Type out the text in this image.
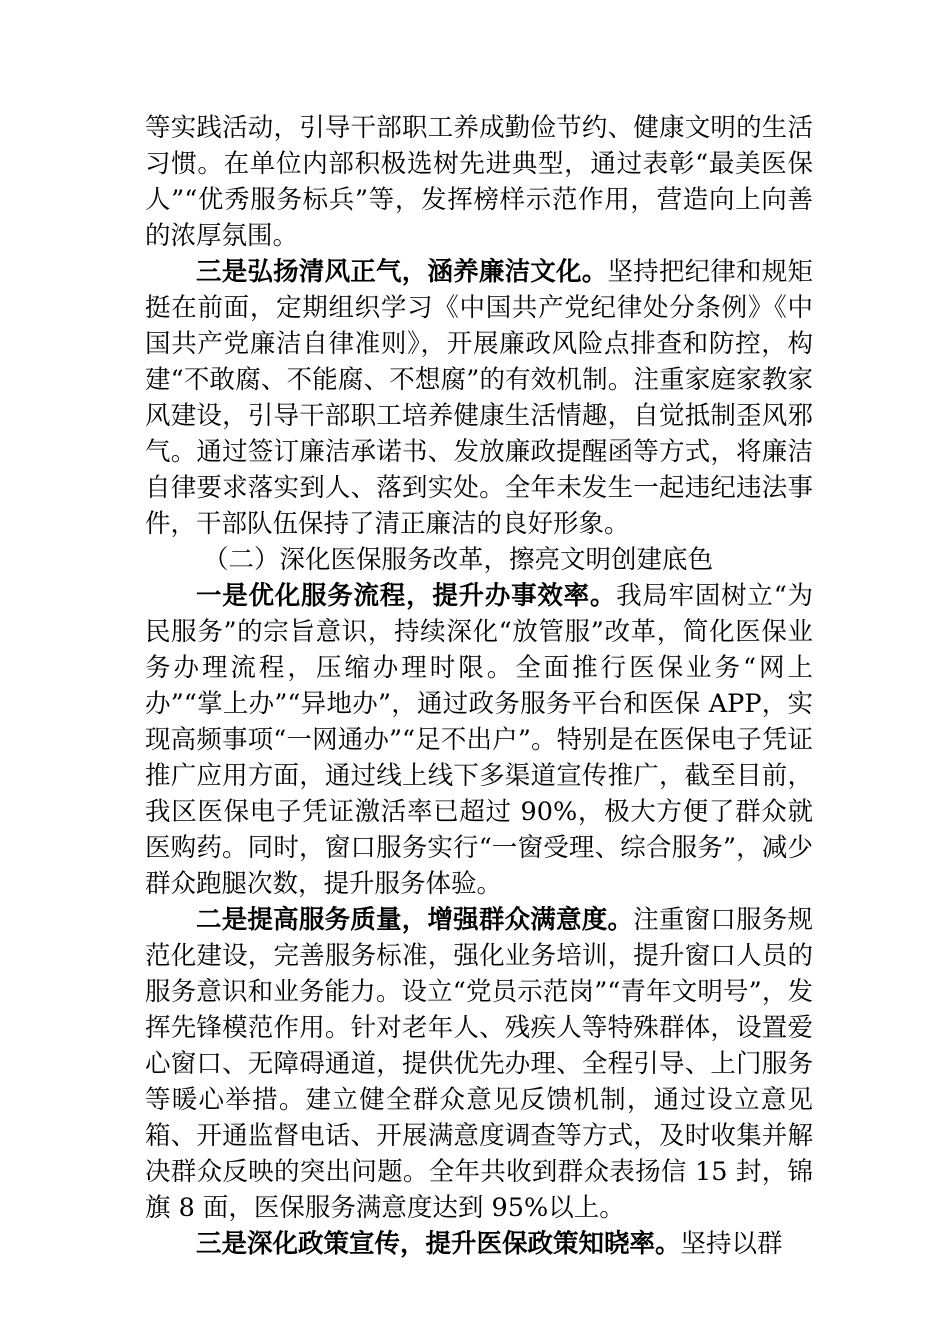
等实践活动，引导干部职工养成勤俭节约、健康文明的生活习惯。在单位内部积极选树先进典型，通过表彰“最美医保人”“优秀服务标兵”等，发挥榜样示范作用，营造向上向善的浓厚氛围。

三是弘扬清风正气，涵养廉洁文化。坚持把纪律和规矩挺在前面，定期组织学习《中国共产党纪律处分条例》《中国共产党廉洁自律准则》，开展廉政风险点排查和防控，构建“不敢腐、不能腐、不想腐”的有效机制。注重家庭家教家风建设，引导干部职工培养健康生活情趣，自觉抵制歪风邪气。通过签订廉洁承诺书、发放廉政提醒函等方式，将廉洁自律要求落实到人、落到实处。全年未发生一起违纪违法事件，干部队伍保持了清正廉洁的良好形象。

（二）深化医保服务改革，擦亮文明创建底色

一是优化服务流程，提升办事效率。我局牢固树立“为民服务”的宗旨意识，持续深化“放管服”改革，简化医保业务办理流程，压缩办理时限。全面推行医保业务“网上办”“掌上办”“异地办”，通过政务服务平台和医保 APP，实现高频事项“一网通办”“足不出户”。特别是在医保电子凭证推广应用方面，通过线上线下多渠道宣传推广，截至目前，我区医保电子凭证激活率已超过 90%，极大方便了群众就医购药。同时，窗口服务实行“一窗受理、综合服务”，减少群众跑腿次数，提升服务体验。

二是提高服务质量，增强群众满意度。注重窗口服务规范化建设，完善服务标准，强化业务培训，提升窗口人员的服务意识和业务能力。设立“党员示范岗”“青年文明号”，发挥先锋模范作用。针对老年人、残疾人等特殊群体，设置爱心窗口、无障碍通道，提供优先办理、全程引导、上门服务等暖心举措。建立健全群众意见反馈机制，通过设立意见箱、开通监督电话、开展满意度调查等方式，及时收集并解决群众反映的突出问题。全年共收到群众表扬信 15 封，锦旗 8 面，医保服务满意度达到 95%以上。

三是深化政策宣传，提升医保政策知晓率。坚持以群
